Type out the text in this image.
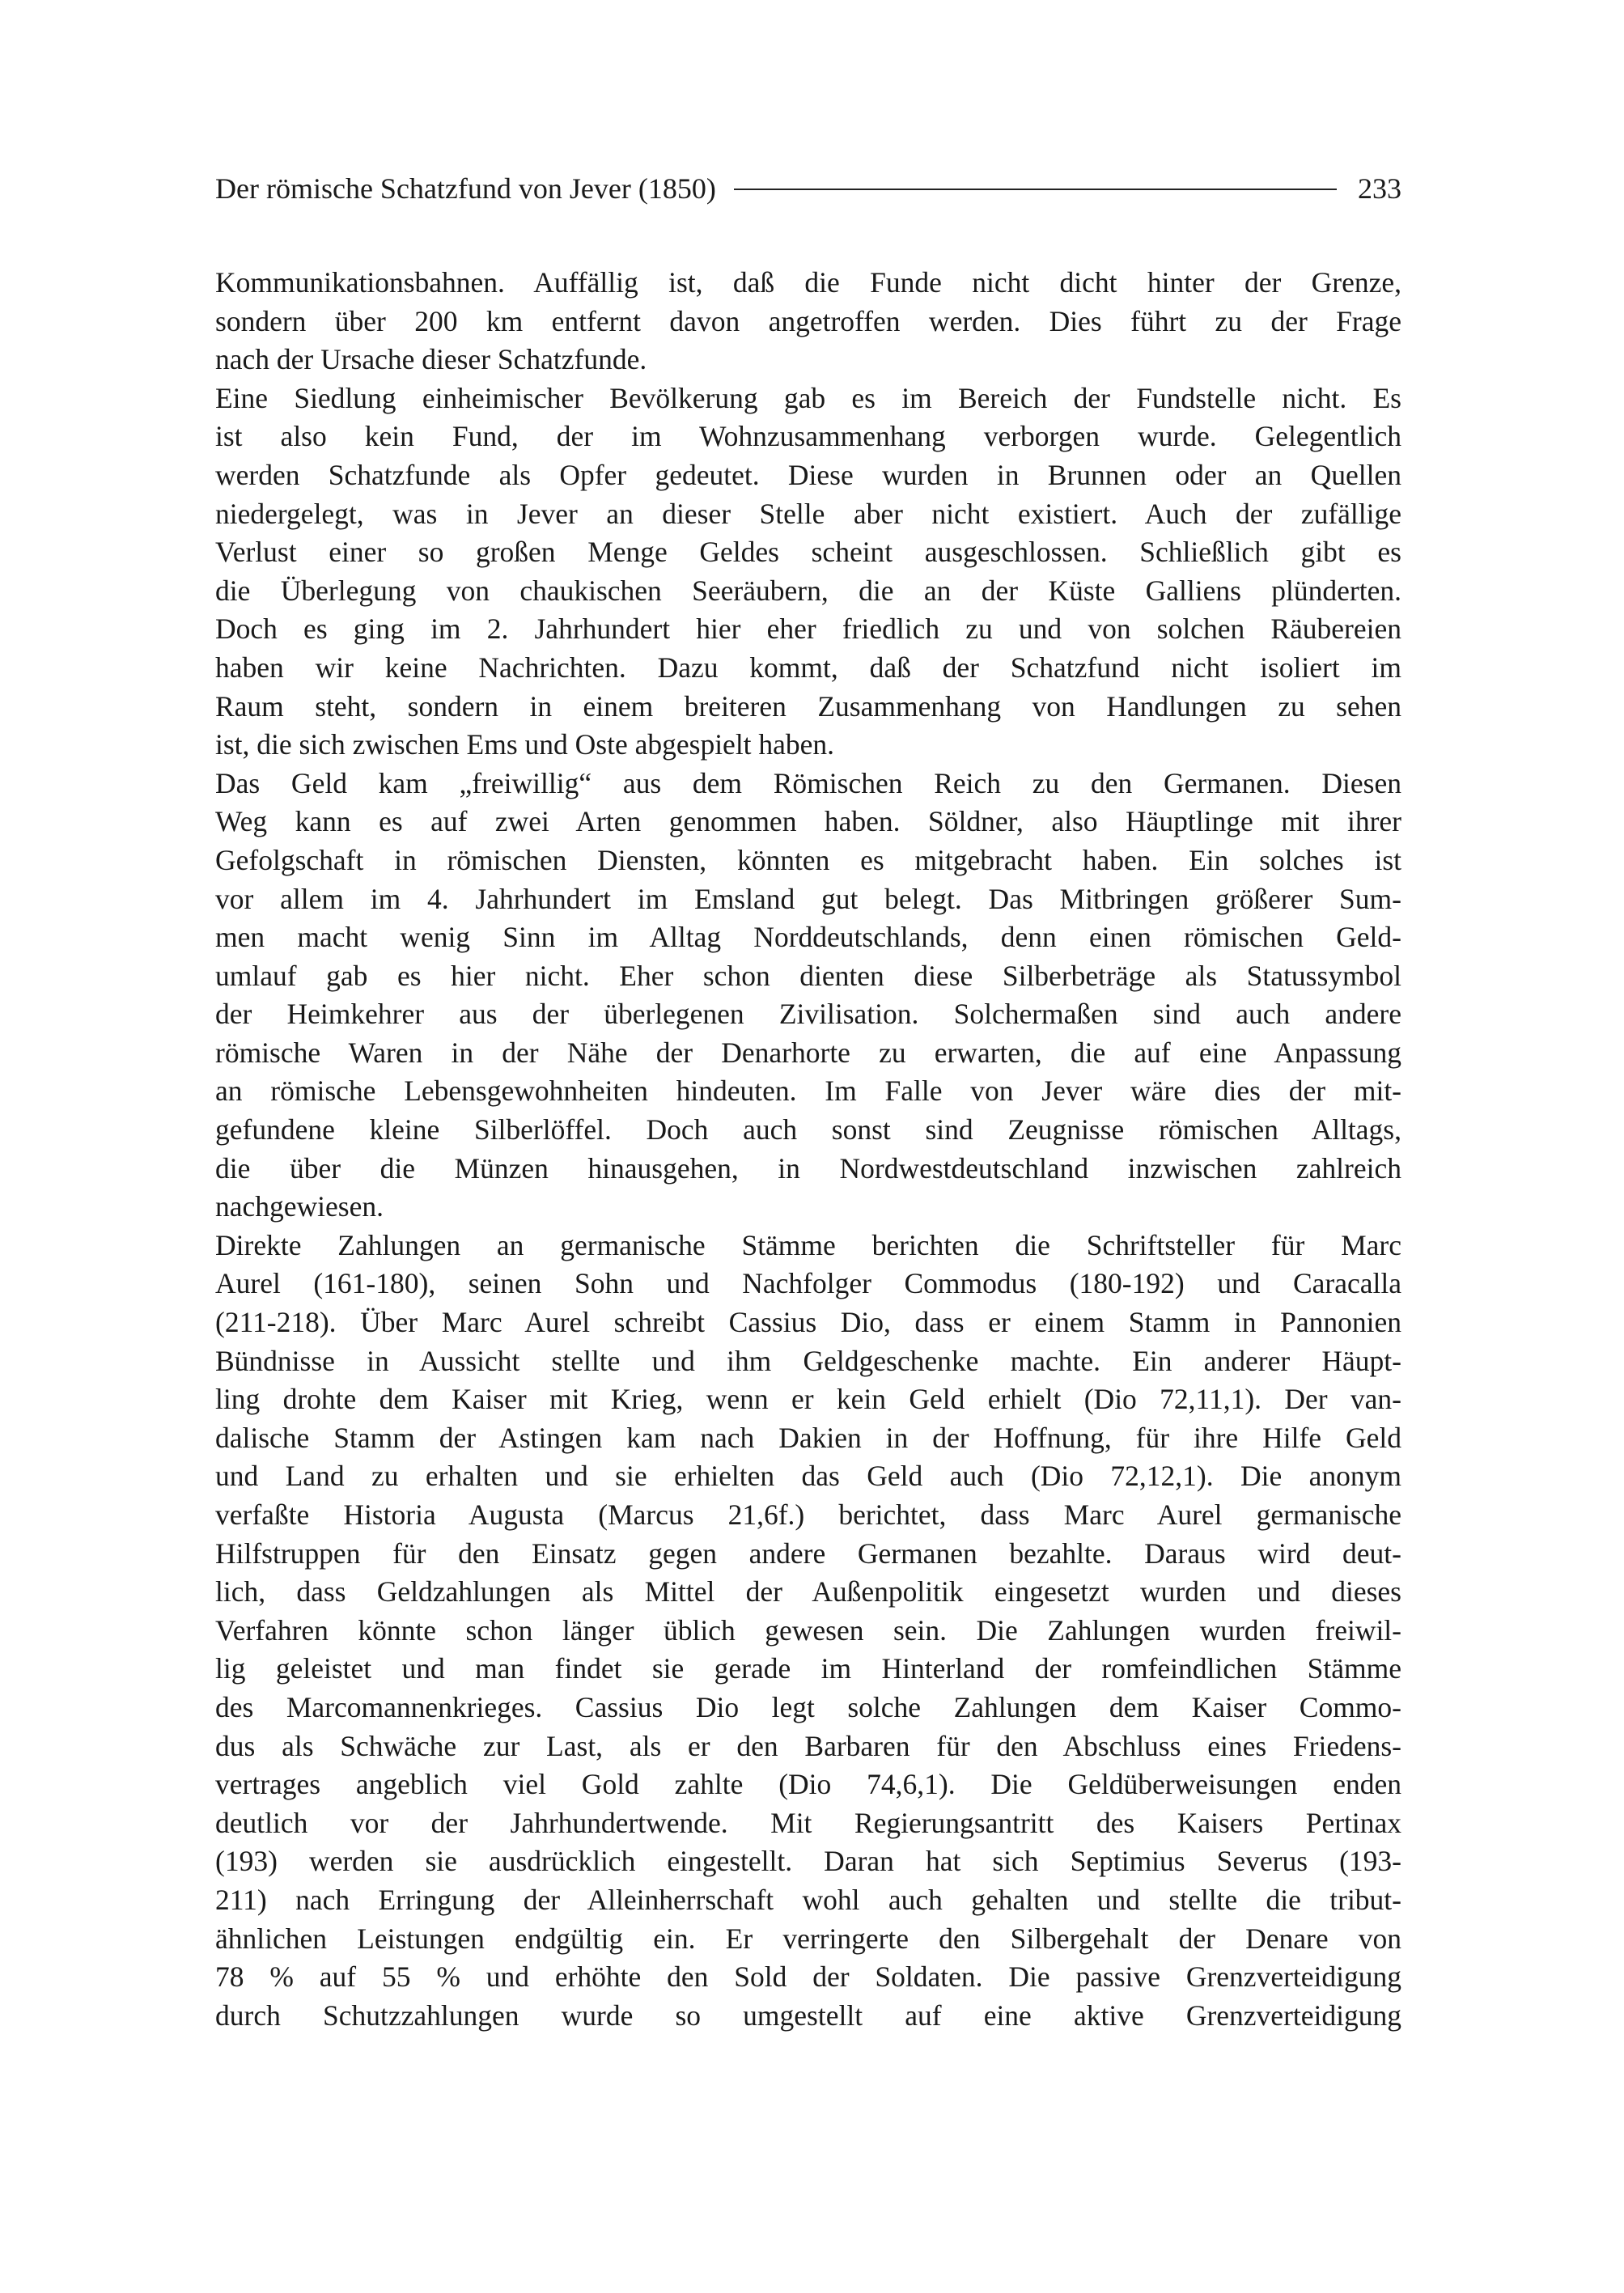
Der römische Schatzfund von Jever (1850)	233
Kommunikationsbahnen. Auffällig ist, daß die Funde nicht dicht hinter der Grenze,
sondern über 200 km entfernt davon angetroffen werden. Dies führt zu der Frage
nach der Ursache dieser Schatzfunde.
Eine Siedlung einheimischer Bevölkerung gab es im Bereich der Fundstelle nicht. Es
ist also kein Fund, der im Wohnzusammenhang verborgen wurde. Gelegentlich
werden Schatzfunde als Opfer gedeutet. Diese wurden in Brunnen oder an Quellen
niedergelegt, was in Jever an dieser Stelle aber nicht existiert. Auch der zufällige
Verlust einer so großen Menge Geldes scheint ausgeschlossen. Schließlich gibt es
die Überlegung von chaukischen Seeräubern, die an der Küste Galliens plünderten.
Doch es ging im 2. Jahrhundert hier eher friedlich zu und von solchen Räubereien
haben wir keine Nachrichten. Dazu kommt, daß der Schatzfund nicht isoliert im
Raum steht, sondern in einem breiteren Zusammenhang von Handlungen zu sehen
ist, die sich zwischen Ems und Oste abgespielt haben.
Das Geld kam „freiwillig“ aus dem Römischen Reich zu den Germanen. Diesen
Weg kann es auf zwei Arten genommen haben. Söldner, also Häuptlinge mit ihrer
Gefolgschaft in römischen Diensten, könnten es mitgebracht haben. Ein solches ist
vor allem im 4. Jahrhundert im Emsland gut belegt. Das Mitbringen größerer Sum-
men macht wenig Sinn im Alltag Norddeutschlands, denn einen römischen Geld-
umlauf gab es hier nicht. Eher schon dienten diese Silberbeträge als Statussymbol
der Heimkehrer aus der überlegenen Zivilisation. Solchermaßen sind auch andere
römische Waren in der Nähe der Denarhorte zu erwarten, die auf eine Anpassung
an römische Lebensgewohnheiten hindeuten. Im Falle von Jever wäre dies der mit-
gefundene kleine Silberlöffel. Doch auch sonst sind Zeugnisse römischen Alltags,
die über die Münzen hinausgehen, in Nordwestdeutschland inzwischen zahlreich
nachgewiesen.
Direkte Zahlungen an germanische Stämme berichten die Schriftsteller für Marc
Aurel (161-180), seinen Sohn und Nachfolger Commodus (180-192) und Caracalla
(211-218). Über Marc Aurel schreibt Cassius Dio, dass er einem Stamm in Pannonien
Bündnisse in Aussicht stellte und ihm Geldgeschenke machte. Ein anderer Häupt-
ling drohte dem Kaiser mit Krieg, wenn er kein Geld erhielt (Dio 72,11,1). Der van-
dalische Stamm der Astingen kam nach Dakien in der Hoffnung, für ihre Hilfe Geld
und Land zu erhalten und sie erhielten das Geld auch (Dio 72,12,1). Die anonym
verfaßte Historia Augusta (Marcus 21,6f.) berichtet, dass Marc Aurel germanische
Hilfstruppen für den Einsatz gegen andere Germanen bezahlte. Daraus wird deut-
lich, dass Geldzahlungen als Mittel der Außenpolitik eingesetzt wurden und dieses
Verfahren könnte schon länger üblich gewesen sein. Die Zahlungen wurden freiwil-
lig geleistet und man findet sie gerade im Hinterland der romfeindlichen Stämme
des Marcomannenkrieges. Cassius Dio legt solche Zahlungen dem Kaiser Commo-
dus als Schwäche zur Last, als er den Barbaren für den Abschluss eines Friedens-
vertrages angeblich viel Gold zahlte (Dio 74,6,1). Die Geldüberweisungen enden
deutlich vor der Jahrhundertwende. Mit Regierungsantritt des Kaisers Pertinax
(193) werden sie ausdrücklich eingestellt. Daran hat sich Septimius Severus (193-
211) nach Erringung der Alleinherrschaft wohl auch gehalten und stellte die tribut-
ähnlichen Leistungen endgültig ein. Er verringerte den Silbergehalt der Denare von
78 % auf 55 % und erhöhte den Sold der Soldaten. Die passive Grenzverteidigung
durch Schutzzahlungen wurde so umgestellt auf eine aktive Grenzverteidigung
